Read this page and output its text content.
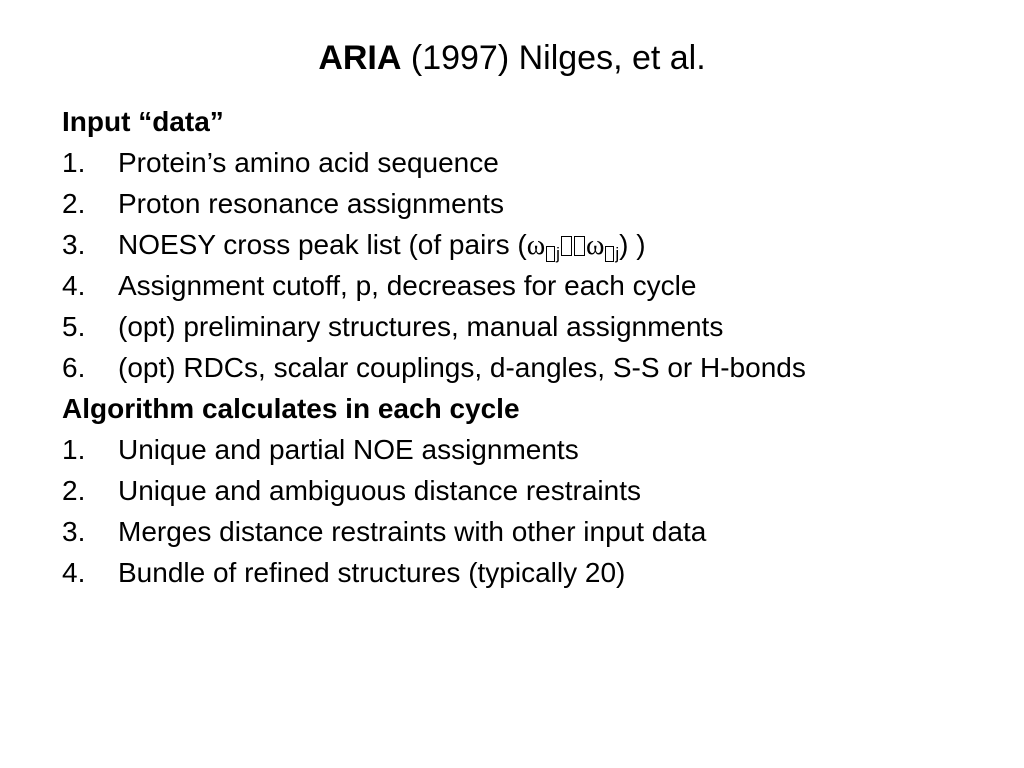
ARIA (1997) Nilges, et al.
Input “data”
1. Protein’s amino acid sequence
2. Proton resonance assignments
3. NOESY cross peak list (of pairs (ω $_j$ ω $_j$) )
4. Assignment cutoff, p, decreases for each cycle
5. (opt) preliminary structures, manual assignments
6. (opt) RDCs, scalar couplings, d-angles, S-S or H-bonds
Algorithm calculates in each cycle
1. Unique and partial NOE assignments
2. Unique and ambiguous distance restraints
3. Merges distance restraints with other input data
4. Bundle of refined structures (typically 20)
